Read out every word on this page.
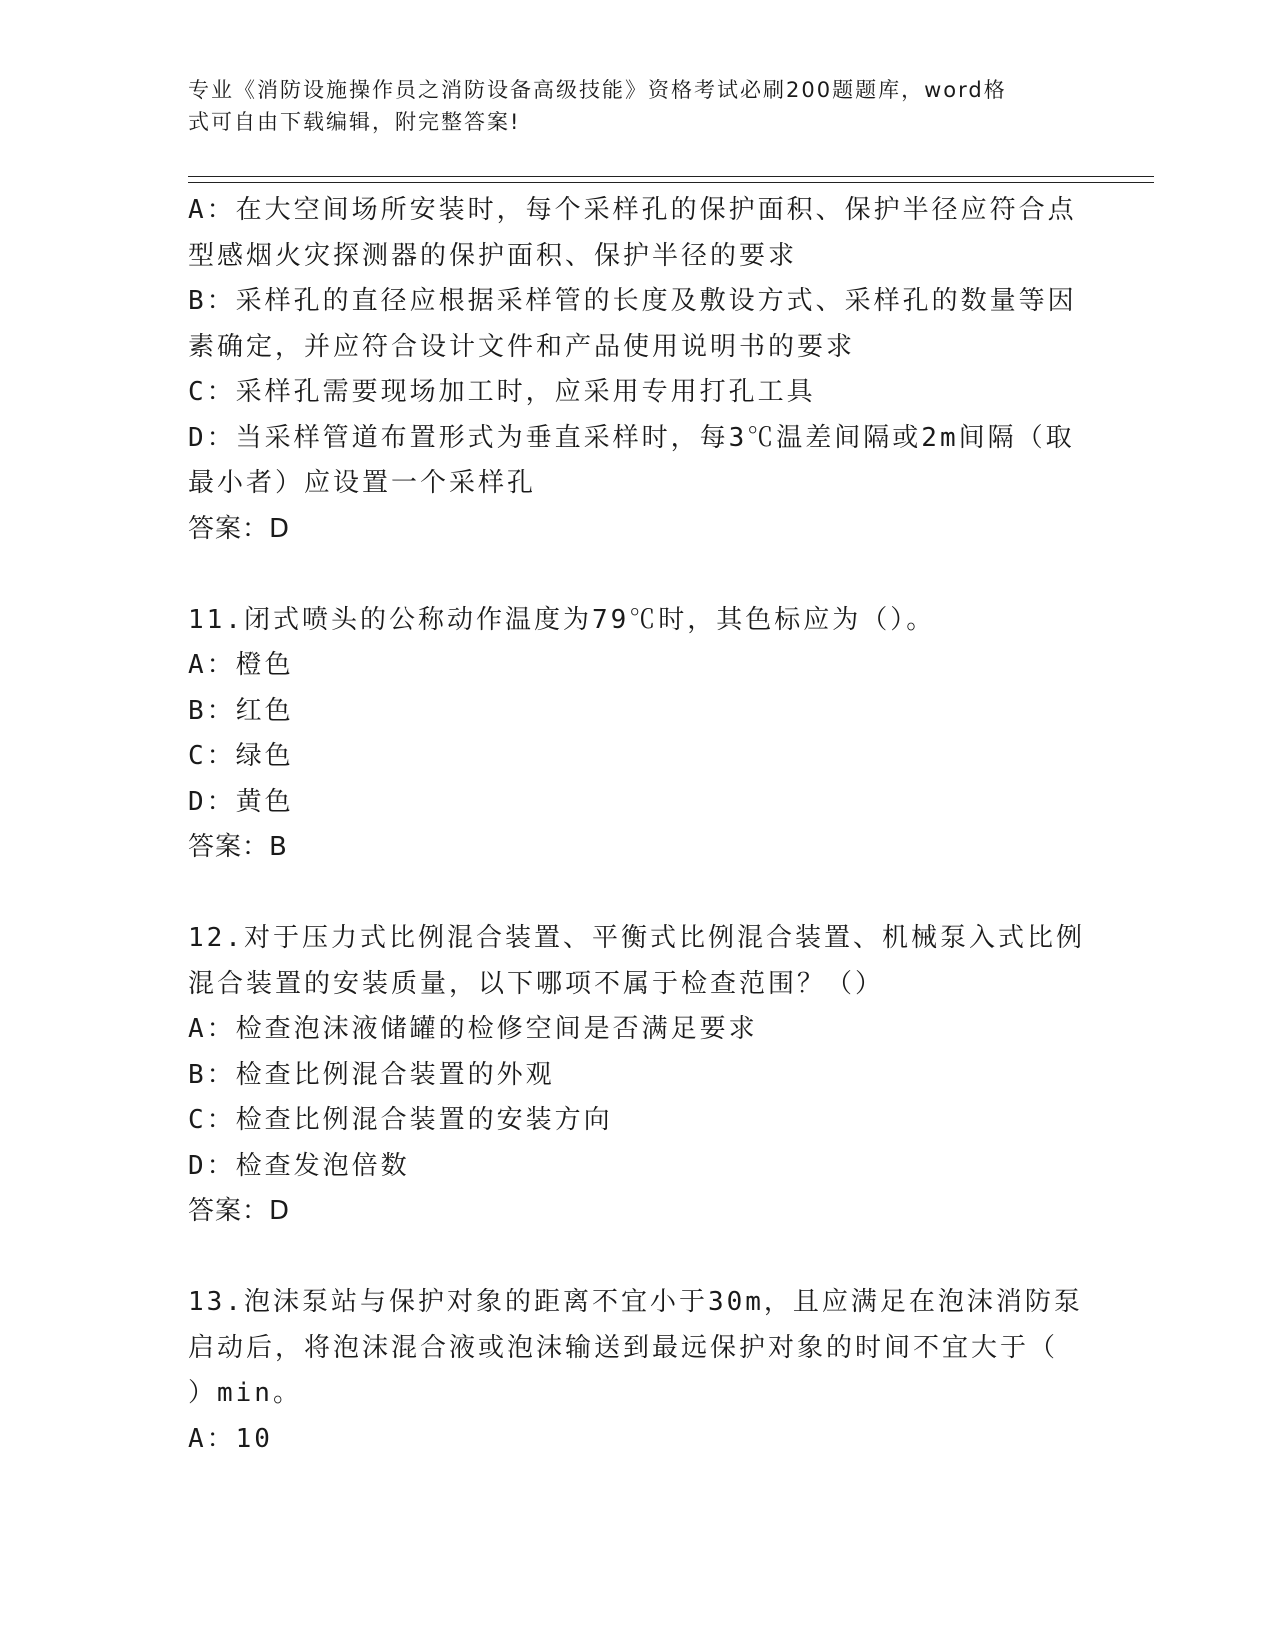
专业《消防设施操作员之消防设备高级技能》资格考试必刷200题题库，word格
式可自由下载编辑，附完整答案!
A：在大空间场所安装时，每个采样孔的保护面积、保护半径应符合点
型感烟火灾探测器的保护面积、保护半径的要求
B：采样孔的直径应根据采样管的长度及敷设方式、采样孔的数量等因
素确定，并应符合设计文件和产品使用说明书的要求
C：采样孔需要现场加工时，应采用专用打孔工具
D：当采样管道布置形式为垂直采样时，每3℃温差间隔或2m间隔（取
最小者）应设置一个采样孔
答案：D
11.闭式喷头的公称动作温度为79℃时，其色标应为（）。
A：橙色
B：红色
C：绿色
D：黄色
答案：B
12.对于压力式比例混合装置、平衡式比例混合装置、机械泵入式比例
混合装置的安装质量，以下哪项不属于检查范围？（）
A：检查泡沫液储罐的检修空间是否满足要求
B：检查比例混合装置的外观
C：检查比例混合装置的安装方向
D：检查发泡倍数
答案：D
13.泡沫泵站与保护对象的距离不宜小于30m，且应满足在泡沫消防泵
启动后，将泡沫混合液或泡沫输送到最远保护对象的时间不宜大于（
）min。
A：10
